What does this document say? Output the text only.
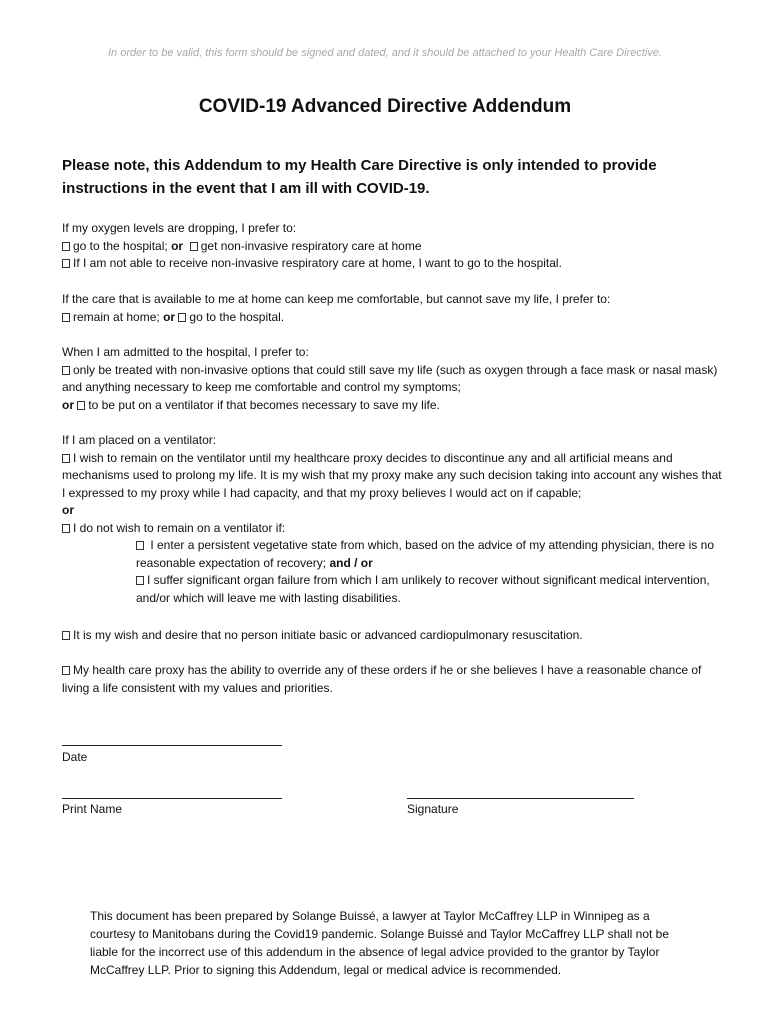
In order to be valid, this form should be signed and dated, and it should be attached to your Health Care Directive.
COVID-19 Advanced Directive Addendum
Please note, this Addendum to my Health Care Directive is only intended to provide instructions in the event that I am ill with COVID-19.
If my oxygen levels are dropping, I prefer to:
go to the hospital; or get non-invasive respiratory care at home
If I am not able to receive non-invasive respiratory care at home, I want to go to the hospital.
If the care that is available to me at home can keep me comfortable, but cannot save my life, I prefer to:
remain at home; or go to the hospital.
When I am admitted to the hospital, I prefer to:
only be treated with non-invasive options that could still save my life (such as oxygen through a face mask or nasal mask) and anything necessary to keep me comfortable and control my symptoms;
or to be put on a ventilator if that becomes necessary to save my life.
If I am placed on a ventilator:
I wish to remain on the ventilator until my healthcare proxy decides to discontinue any and all artificial means and mechanisms used to prolong my life. It is my wish that my proxy make any such decision taking into account any wishes that I expressed to my proxy while I had capacity, and that my proxy believes I would act on if capable;
or
I do not wish to remain on a ventilator if:
I enter a persistent vegetative state from which, based on the advice of my attending physician, there is no reasonable expectation of recovery; and / or
I suffer significant organ failure from which I am unlikely to recover without significant medical intervention, and/or which will leave me with lasting disabilities.
It is my wish and desire that no person initiate basic or advanced cardiopulmonary resuscitation.
My health care proxy has the ability to override any of these orders if he or she believes I have a reasonable chance of living a life consistent with my values and priorities.
Date
Print Name	Signature
This document has been prepared by Solange Buissé, a lawyer at Taylor McCaffrey LLP in Winnipeg as a courtesy to Manitobans during the Covid19 pandemic. Solange Buissé and Taylor McCaffrey LLP shall not be liable for the incorrect use of this addendum in the absence of legal advice provided to the grantor by Taylor McCaffrey LLP. Prior to signing this Addendum, legal or medical advice is recommended.
